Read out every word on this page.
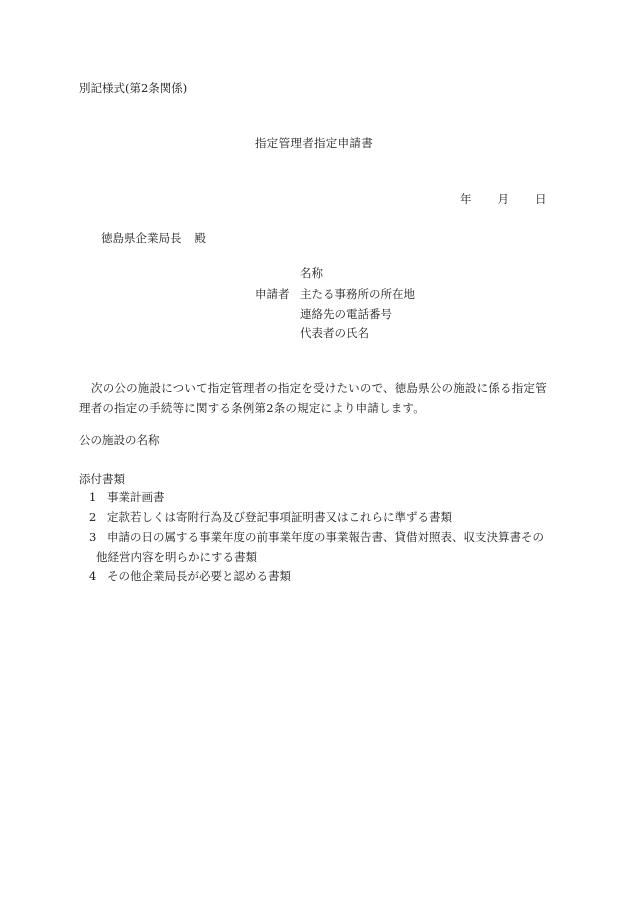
別記様式(第2条関係)
指定管理者指定申請書
年 月 日
徳島県企業局長 殿
申請者
名称
主たる事務所の所在地
連絡先の電話番号
代表者の氏名
次の公の施設について指定管理者の指定を受けたいので、徳島県公の施設に係る指定管理者の指定の手続等に関する条例第2条の規定により申請します。
公の施設の名称
添付書類
1 事業計画書
2 定款若しくは寄附行為及び登記事項証明書又はこれらに準ずる書類
3 申請の日の属する事業年度の前事業年度の事業報告書、貸借対照表、収支決算書その
他経営内容を明らかにする書類
4 その他企業局長が必要と認める書類
